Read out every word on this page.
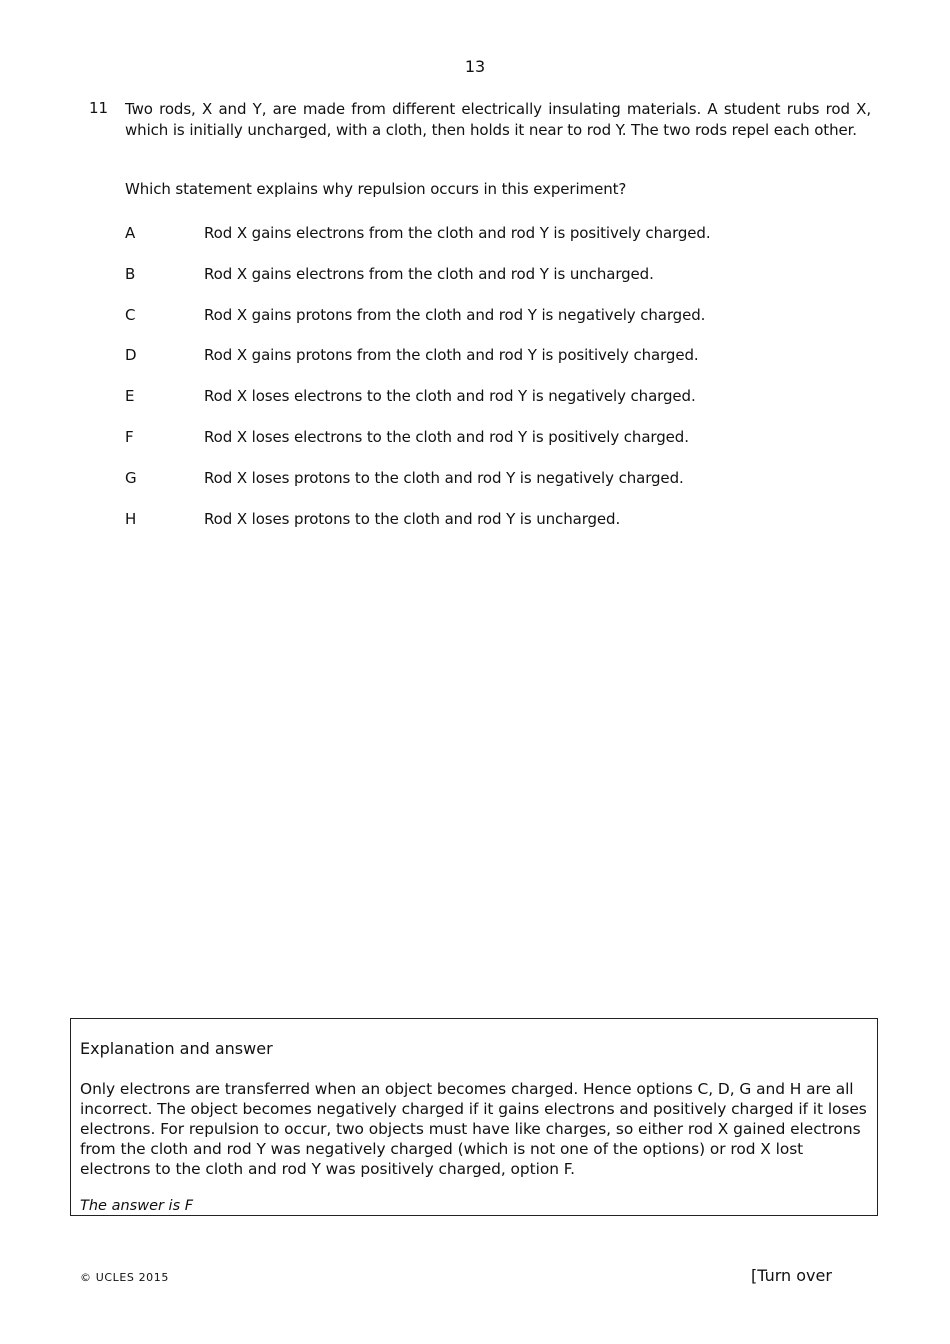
13
11 Two rods, X and Y, are made from different electrically insulating materials. A student rubs rod X, which is initially uncharged, with a cloth, then holds it near to rod Y. The two rods repel each other.

Which statement explains why repulsion occurs in this experiment?

A	Rod X gains electrons from the cloth and rod Y is positively charged.
B	Rod X gains electrons from the cloth and rod Y is uncharged.
C	Rod X gains protons from the cloth and rod Y is negatively charged.
D	Rod X gains protons from the cloth and rod Y is positively charged.
E	Rod X loses electrons to the cloth and rod Y is negatively charged.
F	Rod X loses electrons to the cloth and rod Y is positively charged.
G	Rod X loses protons to the cloth and rod Y is negatively charged.
H	Rod X loses protons to the cloth and rod Y is uncharged.

Explanation and answer

Only electrons are transferred when an object becomes charged. Hence options C, D, G and H are all incorrect. The object becomes negatively charged if it gains electrons and positively charged if it loses electrons. For repulsion to occur, two objects must have like charges, so either rod X gained electrons from the cloth and rod Y was negatively charged (which is not one of the options) or rod X lost electrons to the cloth and rod Y was positively charged, option F.

The answer is F

© UCLES 2015	[Turn over
